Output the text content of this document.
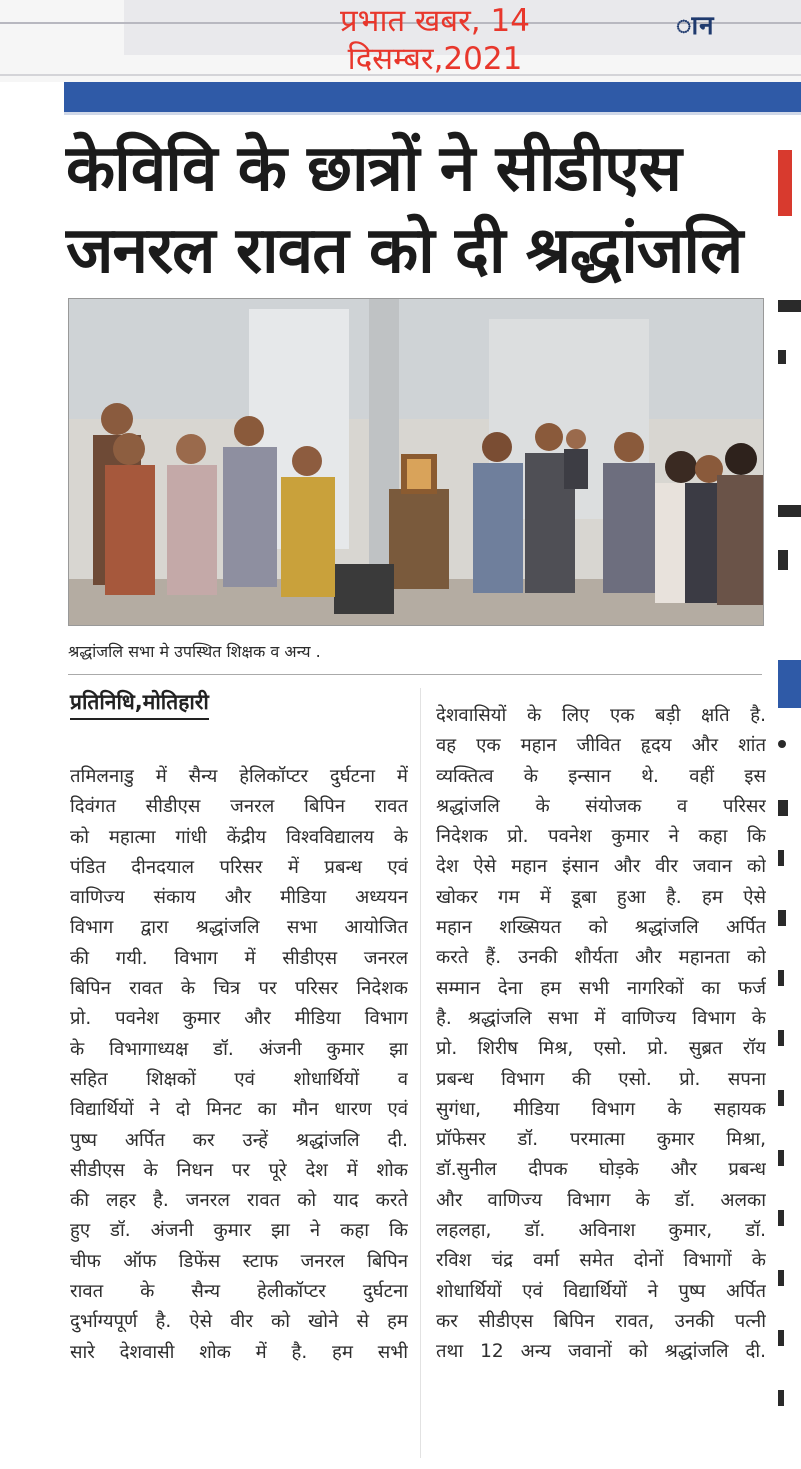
ान
प्रभात खबर, 14
दिसम्बर,2021
केविवि के छात्रों ने सीडीएस
जनरल रावत को दी श्रद्धांजलि
श्रद्धांजलि सभा मे उपस्थित शिक्षक व अन्य .
प्रतिनिधि,मोतिहारी
तमिलनाडु में सैन्य हेलिकॉप्टर दुर्घटना में
दिवंगत सीडीएस जनरल बिपिन रावत
को महात्मा गांधी केंद्रीय विश्वविद्यालय के
पंडित दीनदयाल परिसर में प्रबन्ध एवं
वाणिज्य संकाय और मीडिया अध्ययन
विभाग द्वारा श्रद्धांजलि सभा आयोजित
की गयी. विभाग में सीडीएस जनरल
बिपिन रावत के चित्र पर परिसर निदेशक
प्रो. पवनेश कुमार और मीडिया विभाग
के विभागाध्यक्ष डॉ. अंजनी कुमार झा
सहित शिक्षकों एवं शोधार्थियों व
विद्यार्थियों ने दो मिनट का मौन धारण एवं
पुष्प अर्पित कर उन्हें श्रद्धांजलि दी.
सीडीएस के निधन पर पूरे देश में शोक
की लहर है. जनरल रावत को याद करते
हुए डॉ. अंजनी कुमार झा ने कहा कि
चीफ ऑफ डिफेंस स्टाफ जनरल बिपिन
रावत के सैन्य हेलीकॉप्टर दुर्घटना
दुर्भाग्यपूर्ण है. ऐसे वीर को खोने से हम
सारे देशवासी शोक में है. हम सभी
देशवासियों के लिए एक बड़ी क्षति है.
वह एक महान जीवित हृदय और शांत
व्यक्तित्व के इन्सान थे. वहीं इस
श्रद्धांजलि के संयोजक व परिसर
निदेशक प्रो. पवनेश कुमार ने कहा कि
देश ऐसे महान इंसान और वीर जवान को
खोकर गम में डूबा हुआ है. हम ऐसे
महान शख्सियत को श्रद्धांजलि अर्पित
करते हैं. उनकी शौर्यता और महानता को
सम्मान देना हम सभी नागरिकों का फर्ज
है. श्रद्धांजलि सभा में वाणिज्य विभाग के
प्रो. शिरीष मिश्र, एसो. प्रो. सुब्रत रॉय
प्रबन्ध विभाग की एसो. प्रो. सपना
सुगंधा, मीडिया विभाग के सहायक
प्रॉफेसर डॉ. परमात्मा कुमार मिश्रा,
डॉ.सुनील दीपक घोड़के और प्रबन्ध
और वाणिज्य विभाग के डॉ. अलका
लहलहा, डॉ. अविनाश कुमार, डॉ.
रविश चंद्र वर्मा समेत दोनों विभागों के
शोधार्थियों एवं विद्यार्थियों ने पुष्प अर्पित
कर सीडीएस बिपिन रावत, उनकी पत्नी
तथा 12 अन्य जवानों को श्रद्धांजलि दी.
